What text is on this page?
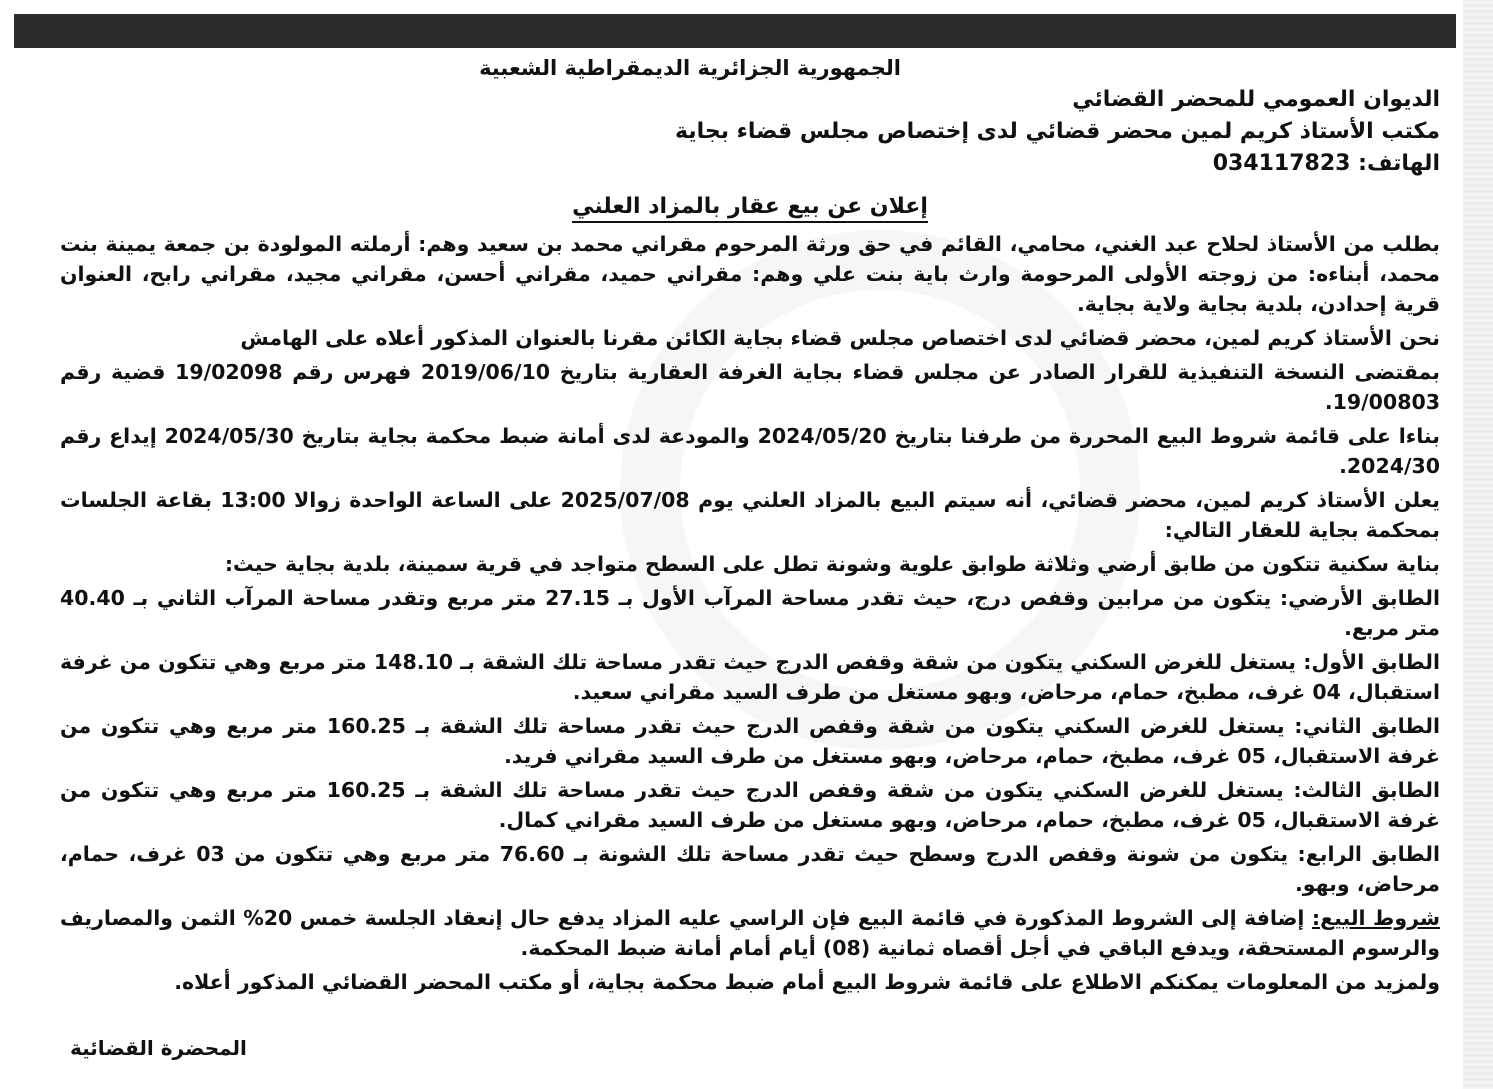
الجمهورية الجزائرية الديمقراطية الشعبية
الديوان العمومي للمحضر القضائي
مكتب الأستاذ كريم لمين محضر قضائي لدى إختصاص مجلس قضاء بجاية
الهاتف: 034117823
إعلان عن بيع عقار بالمزاد العلني

بطلب من الأستاذ لحلاح عبد الغني، محامي، القائم في حق ورثة المرحوم مقراني محمد بن سعيد وهم: أرملته المولودة بن جمعة يمينة بنت محمد، أبناءه: من زوجته الأولى المرحومة وارث باية بنت علي وهم: مقراني حميد، مقراني أحسن، مقراني مجيد، مقراني رابح، العنوان قرية إحدادن، بلدية بجاية ولاية بجاية.

نحن الأستاذ كريم لمين، محضر قضائي لدى اختصاص مجلس قضاء بجاية الكائن مقرنا بالعنوان المذكور أعلاه على الهامش

بمقتضى النسخة التنفيذية للقرار الصادر عن مجلس قضاء بجاية الغرفة العقارية بتاريخ 2019/06/10 فهرس رقم 19/02098 قضية رقم 19/00803.

بناءا على قائمة شروط البيع المحررة من طرفنا بتاريخ 2024/05/20 والمودعة لدى أمانة ضبط محكمة بجاية بتاريخ 2024/05/30 إيداع رقم 2024/30.

يعلن الأستاذ كريم لمين، محضر قضائي، أنه سيتم البيع بالمزاد العلني يوم 2025/07/08 على الساعة الواحدة زوالا 13:00 بقاعة الجلسات بمحكمة بجاية للعقار التالي:

بناية سكنية تتكون من طابق أرضي وثلاثة طوابق علوية وشونة تطل على السطح متواجد في قرية سمينة، بلدية بجاية حيث:

الطابق الأرضي: يتكون من مرابين وقفص درج، حيث تقدر مساحة المرآب الأول بـ 27.15 متر مربع وتقدر مساحة المرآب الثاني بـ 40.40 متر مربع.

الطابق الأول: يستغل للغرض السكني يتكون من شقة وقفص الدرج حيث تقدر مساحة تلك الشقة بـ 148.10 متر مربع وهي تتكون من غرفة استقبال، 04 غرف، مطبخ، حمام، مرحاض، وبهو مستغل من طرف السيد مقراني سعيد.

الطابق الثاني: يستغل للغرض السكني يتكون من شقة وقفص الدرج حيث تقدر مساحة تلك الشقة بـ 160.25 متر مربع وهي تتكون من غرفة الاستقبال، 05 غرف، مطبخ، حمام، مرحاض، وبهو مستغل من طرف السيد مقراني فريد.

الطابق الثالث: يستغل للغرض السكني يتكون من شقة وقفص الدرج حيث تقدر مساحة تلك الشقة بـ 160.25 متر مربع وهي تتكون من غرفة الاستقبال، 05 غرف، مطبخ، حمام، مرحاض، وبهو مستغل من طرف السيد مقراني كمال.

الطابق الرابع: يتكون من شونة وقفص الدرج وسطح حيث تقدر مساحة تلك الشونة بـ 76.60 متر مربع وهي تتكون من 03 غرف، حمام، مرحاض، وبهو.

شروط البيع: إضافة إلى الشروط المذكورة في قائمة البيع فإن الراسي عليه المزاد يدفع حال إنعقاد الجلسة خمس 20% الثمن والمصاريف والرسوم المستحقة، ويدفع الباقي في أجل أقصاه ثمانية (08) أيام أمام أمانة ضبط المحكمة.

ولمزيد من المعلومات يمكنكم الاطلاع على قائمة شروط البيع أمام ضبط محكمة بجاية، أو مكتب المحضر القضائي المذكور أعلاه.

المحضرة القضائية
